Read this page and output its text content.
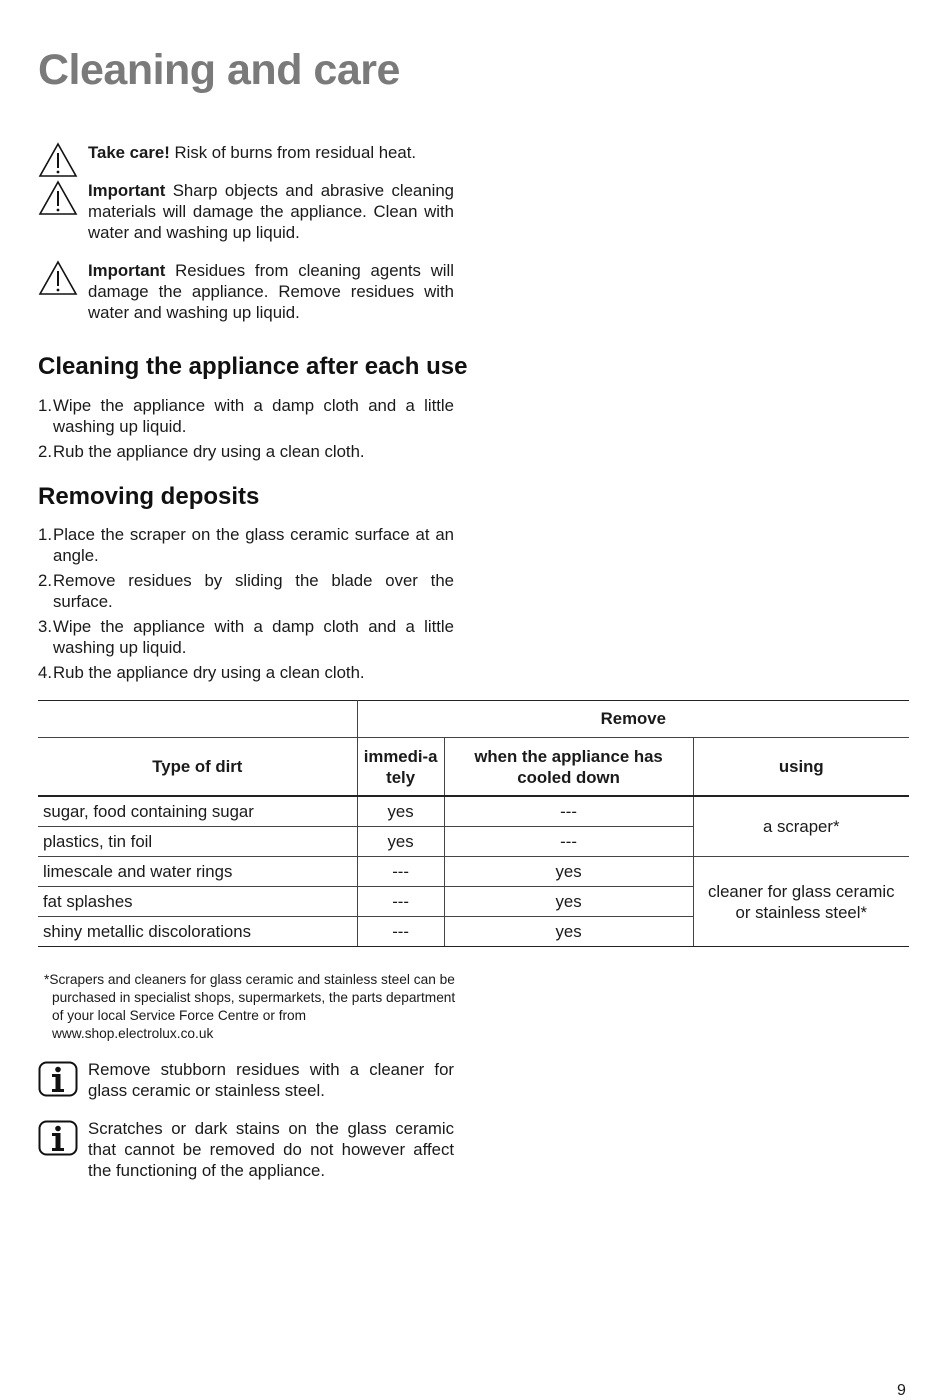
Cleaning and care
Take care! Risk of burns from residual heat.
Important Sharp objects and abrasive cleaning materials will damage the appliance. Clean with water and washing up liquid.
Important Residues from cleaning agents will damage the appliance. Remove residues with water and washing up liquid.
Cleaning the appliance after each use
1. Wipe the appliance with a damp cloth and a little washing up liquid.
2. Rub the appliance dry using a clean cloth.
Removing deposits
1. Place the scraper on the glass ceramic surface at an angle.
2. Remove residues by sliding the blade over the surface.
3. Wipe the appliance with a damp cloth and a little washing up liquid.
4. Rub the appliance dry using a clean cloth.
	Remove		
Type of dirt	immedi-ately	when the appliance has cooled down	using
sugar, food containing sugar	yes	---	a scraper*
plastics, tin foil	yes	---	
limescale and water rings	---	yes	cleaner for glass ceramic or stainless steel*
fat splashes	---	yes	
shiny metallic discolorations	---	yes	
*Scrapers and cleaners for glass ceramic and stainless steel can be purchased in specialist shops, supermarkets, the parts department of your local Service Force Centre or from www.shop.electrolux.co.uk
Remove stubborn residues with a cleaner for glass ceramic or stainless steel.
Scratches or dark stains on the glass ceramic that cannot be removed do not however affect the functioning of the appliance.
9
